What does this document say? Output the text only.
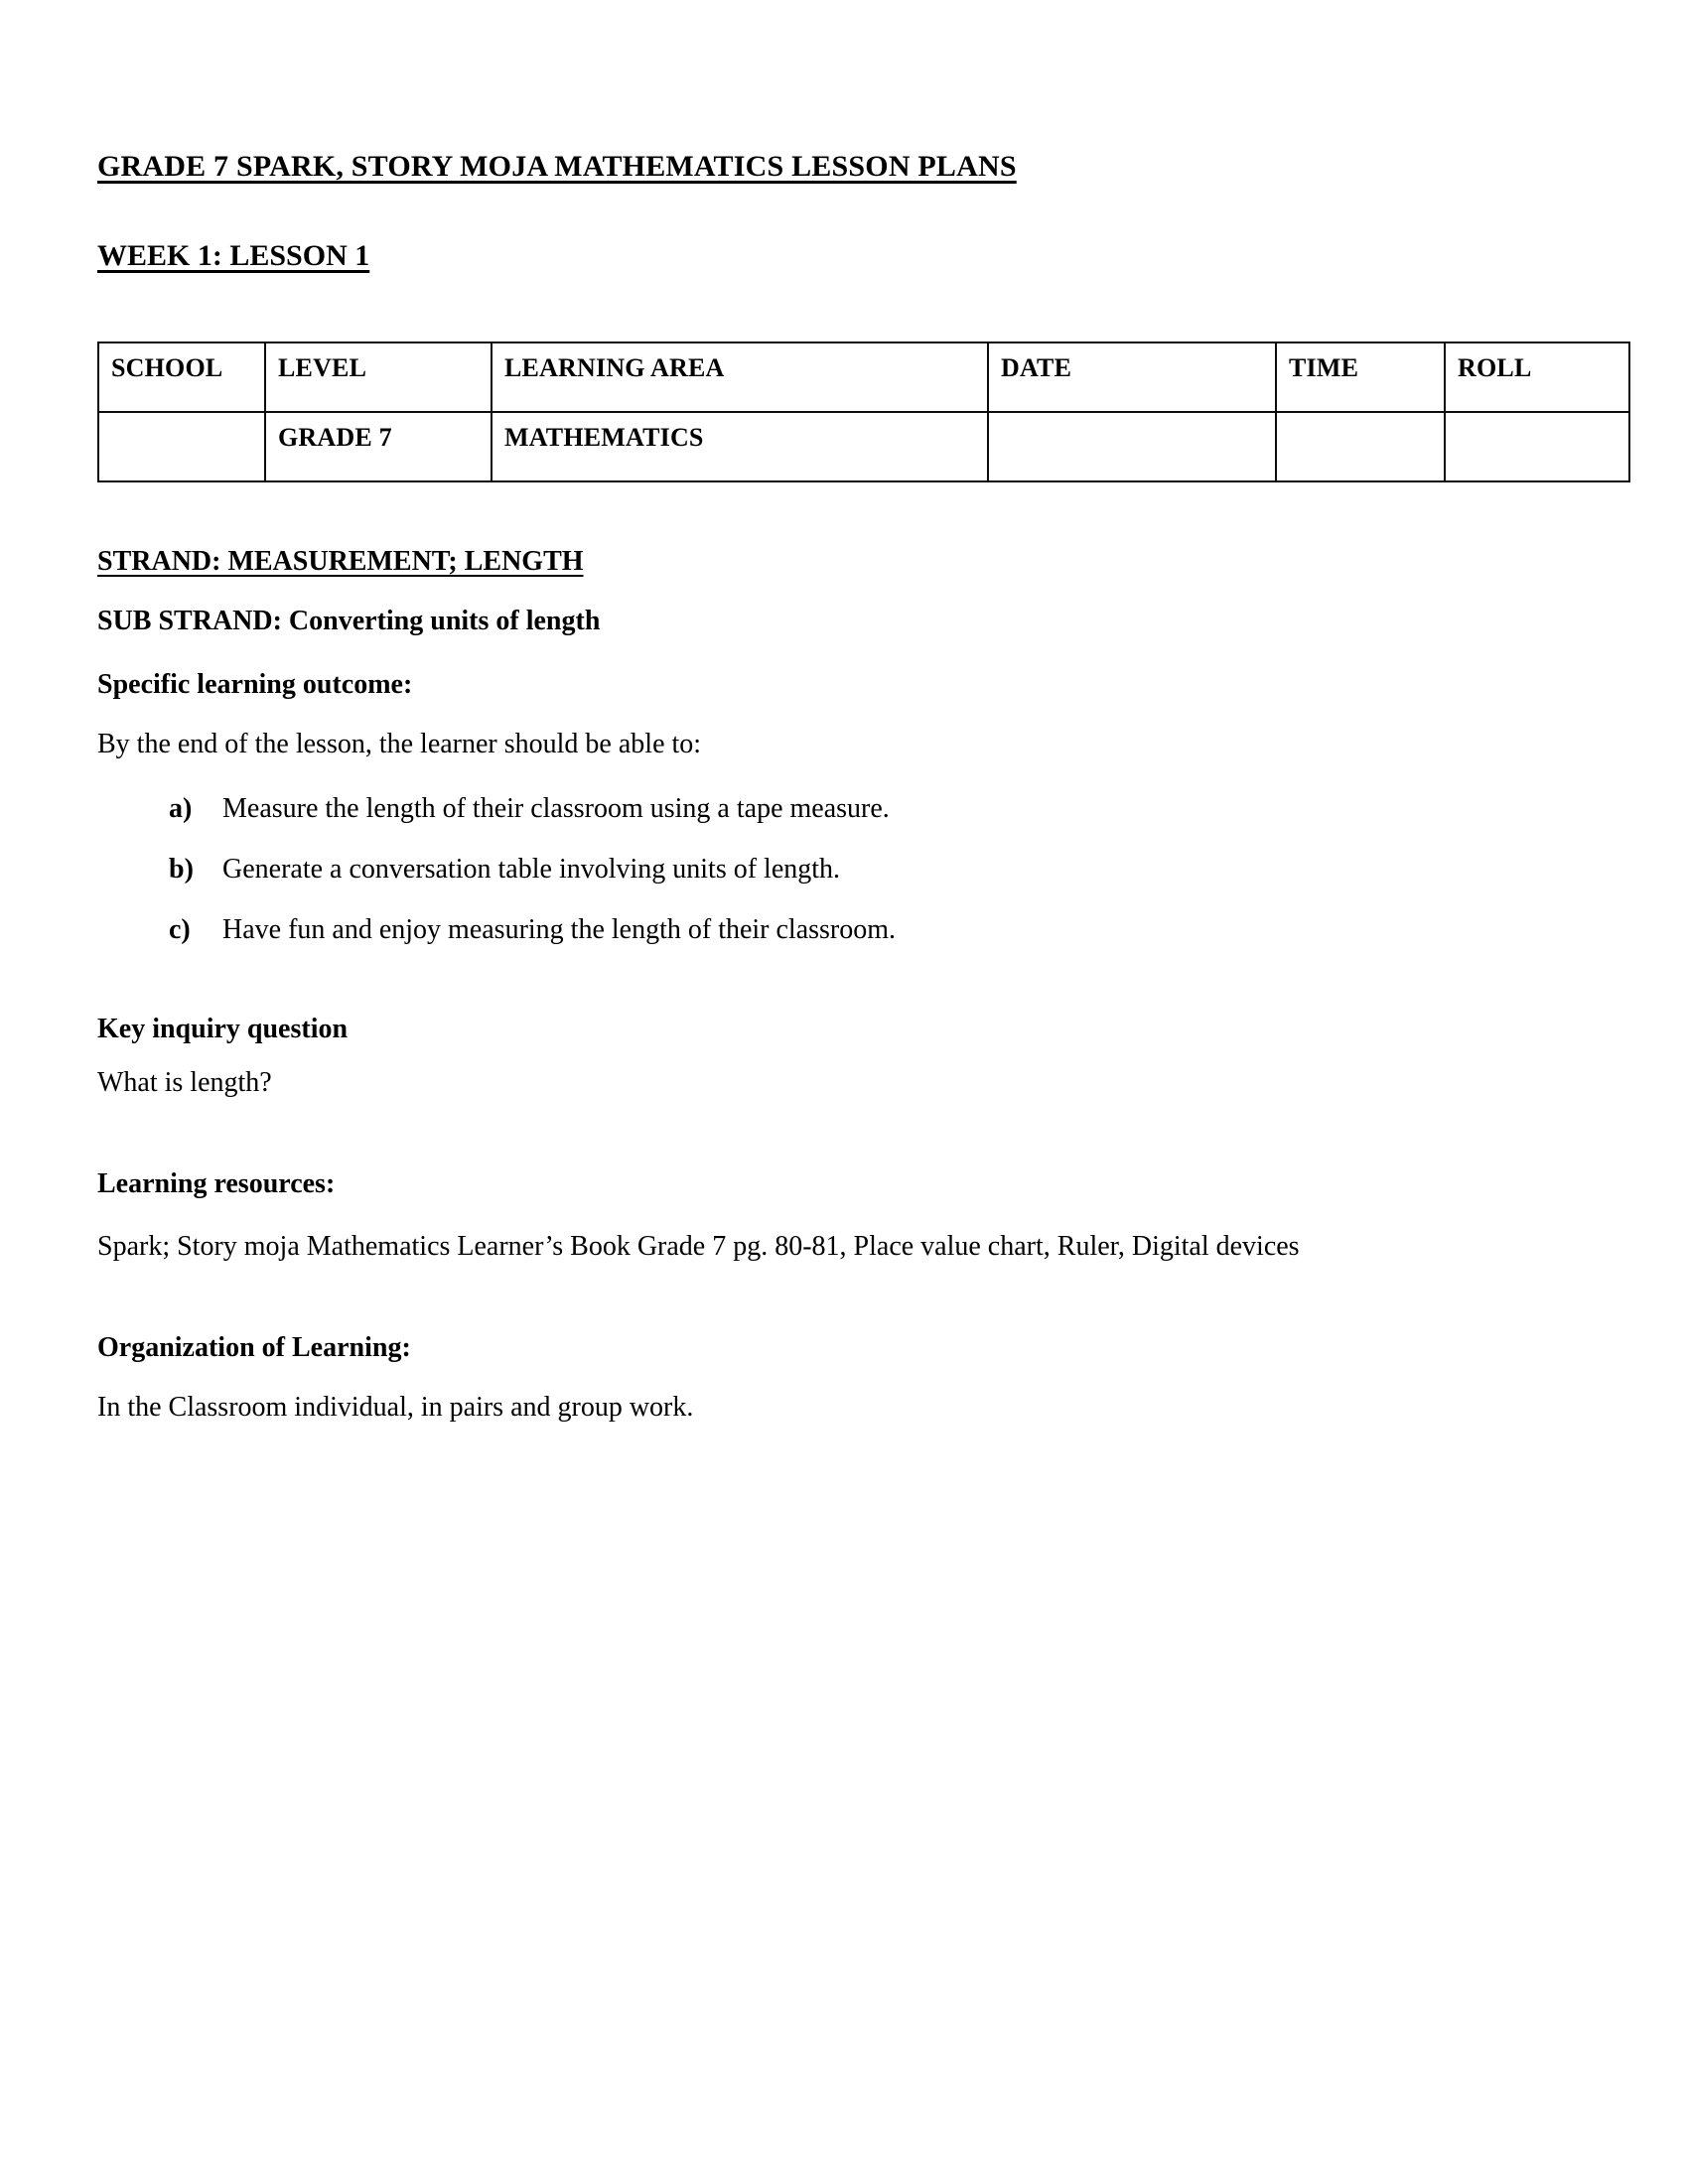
GRADE 7 SPARK, STORY MOJA MATHEMATICS LESSON PLANS
WEEK 1: LESSON 1
SCHOOL	LEVEL	LEARNING AREA	DATE	TIME	ROLL
	GRADE 7	MATHEMATICS			
STRAND: MEASUREMENT; LENGTH
SUB STRAND: Converting units of length
Specific learning outcome:
By the end of the lesson, the learner should be able to:
a)	Measure the length of their classroom using a tape measure.
b)	Generate a conversation table involving units of length.
c)	Have fun and enjoy measuring the length of their classroom.
Key inquiry question
What is length?
Learning resources:
Spark; Story moja Mathematics Learner’s Book Grade 7 pg. 80-81, Place value chart, Ruler, Digital devices
Organization of Learning:
In the Classroom individual, in pairs and group work.
